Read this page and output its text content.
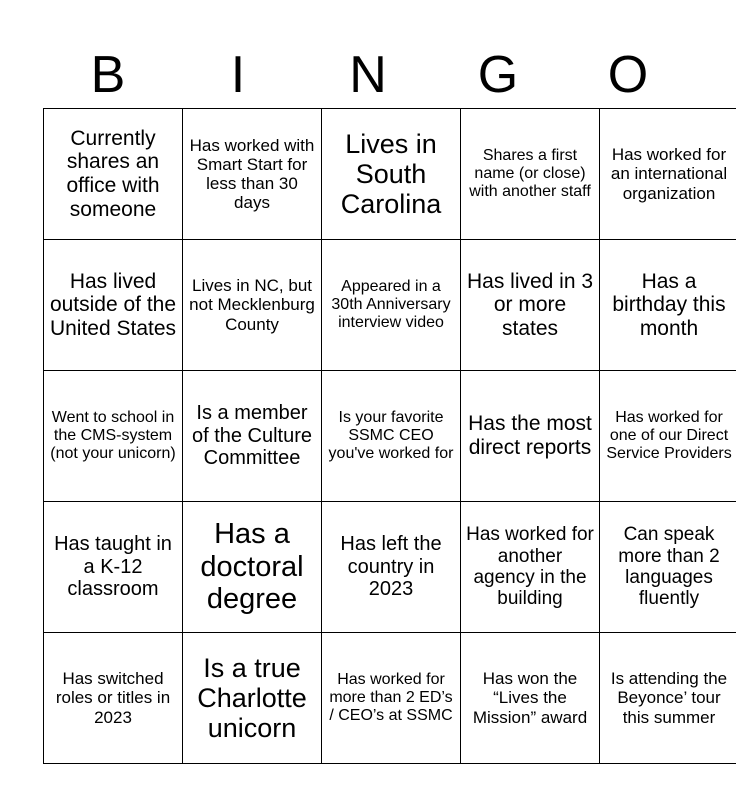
B	I	N	G	O
Currently shares an office with someone	Has worked with Smart Start for less than 30 days	Lives in South Carolina	Shares a first name (or close) with another staff	Has worked for an international organization
Has lived outside of the United States	Lives in NC, but not Mecklenburg County	Appeared in a 30th Anniversary interview video	Has lived in 3 or more states	Has a birthday this month
Went to school in the CMS-system (not your unicorn)	Is a member of the Culture Committee	Is your favorite SSMC CEO you've worked for	Has the most direct reports	Has worked for one of our Direct Service Providers
Has taught in a K-12 classroom	Has a doctoral degree	Has left the country in 2023	Has worked for another agency in the building	Can speak more than 2 languages fluently
Has switched roles or titles in 2023	Is a true Charlotte unicorn	Has worked for more than 2 ED’s / CEO’s at SSMC	Has won the “Lives the Mission” award	Is attending the Beyonce’ tour this summer
